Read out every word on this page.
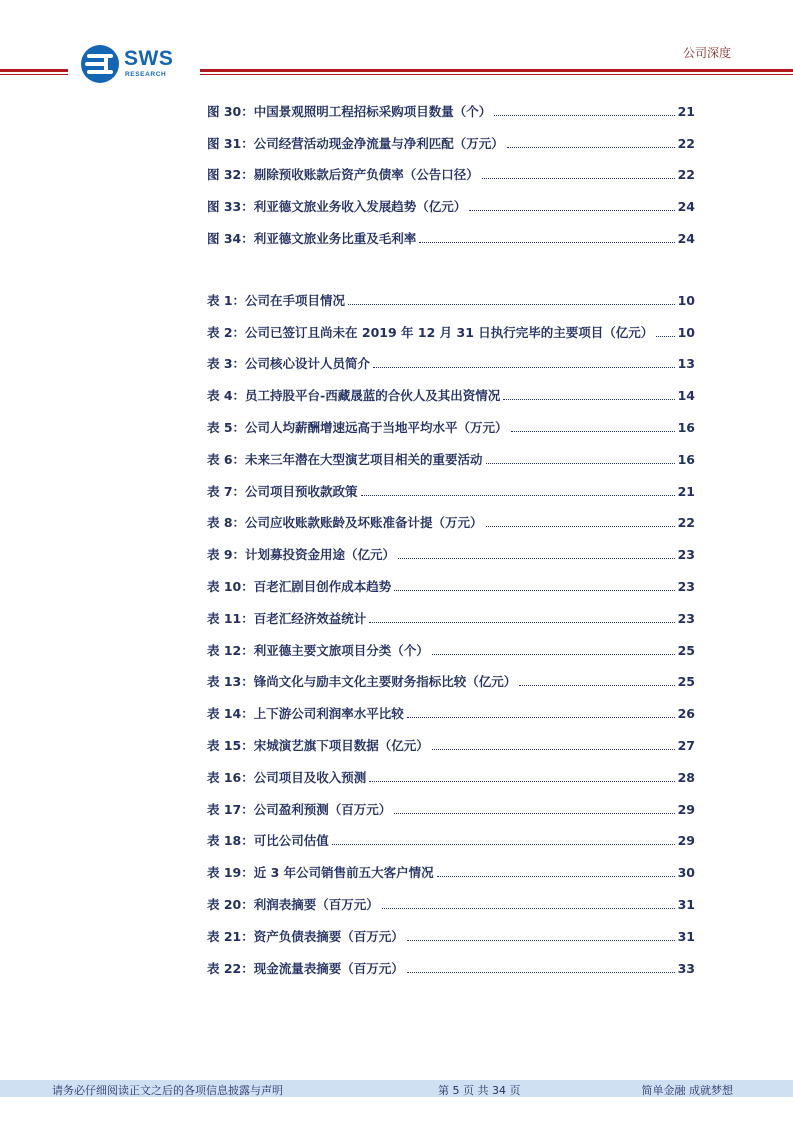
SWS
RESEARCH
公司深度
图 30：中国景观照明工程招标采购项目数量（个）	21
图 31：公司经营活动现金净流量与净利匹配（万元）	22
图 32：剔除预收账款后资产负债率（公告口径）	22
图 33：利亚德文旅业务收入发展趋势（亿元）	24
图 34：利亚德文旅业务比重及毛利率	24
表 1：公司在手项目情况	10
表 2：公司已签订且尚未在 2019 年 12 月 31 日执行完毕的主要项目（亿元） 10
表 3：公司核心设计人员简介	13
表 4：员工持股平台-西藏晟蓝的合伙人及其出资情况	14
表 5：公司人均薪酬增速远高于当地平均水平（万元）	16
表 6：未来三年潜在大型演艺项目相关的重要活动	16
表 7：公司项目预收款政策	21
表 8：公司应收账款账龄及坏账准备计提（万元）	22
表 9：计划募投资金用途（亿元）	23
表 10：百老汇剧目创作成本趋势	23
表 11：百老汇经济效益统计	23
表 12：利亚德主要文旅项目分类（个）	25
表 13：锋尚文化与励丰文化主要财务指标比较（亿元）	25
表 14：上下游公司利润率水平比较	26
表 15：宋城演艺旗下项目数据（亿元）	27
表 16：公司项目及收入预测	28
表 17：公司盈利预测（百万元）	29
表 18：可比公司估值	29
表 19：近 3 年公司销售前五大客户情况	30
表 20：利润表摘要（百万元）	31
表 21：资产负债表摘要（百万元）	31
表 22：现金流量表摘要（百万元）	33
请务必仔细阅读正文之后的各项信息披露与声明	第 5 页 共 34 页	简单金融 成就梦想
